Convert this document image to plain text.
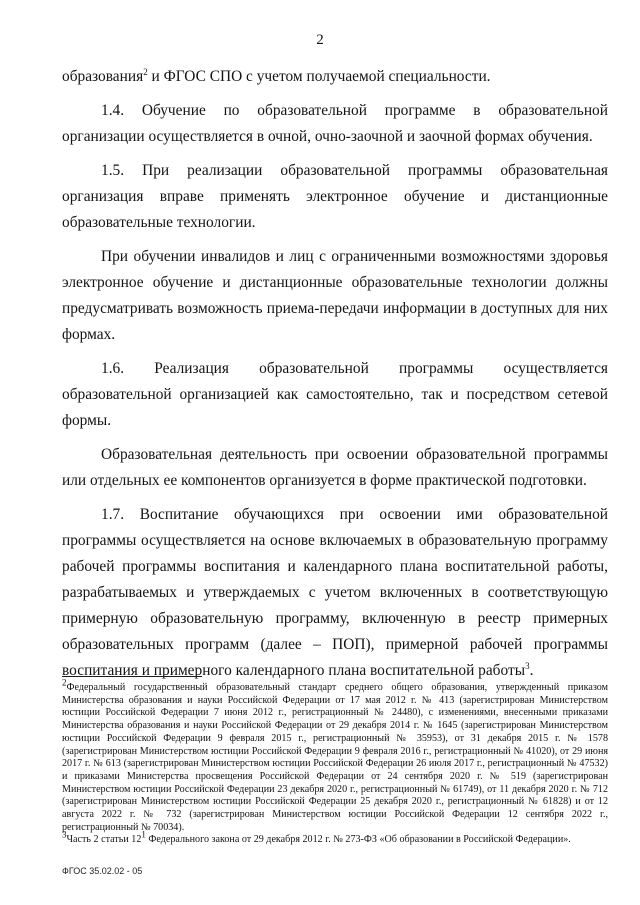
2

образования$^2$ и ФГОС СПО с учетом получаемой специальности.

1.4. Обучение по образовательной программе в образовательной организации осуществляется в очной, очно-заочной и заочной формах обучения.

1.5. При реализации образовательной программы образовательная организация вправе применять электронное обучение и дистанционные образовательные технологии.

При обучении инвалидов и лиц с ограниченными возможностями здоровья электронное обучение и дистанционные образовательные технологии должны предусматривать возможность приема-передачи информации в доступных для них формах.

1.6. Реализация образовательной программы осуществляется образовательной организацией как самостоятельно, так и посредством сетевой формы.

Образовательная деятельность при освоении образовательной программы или отдельных ее компонентов организуется в форме практической подготовки.

1.7. Воспитание обучающихся при освоении ими образовательной программы осуществляется на основе включаемых в образовательную программу рабочей программы воспитания и календарного плана воспитательной работы, разрабатываемых и утверждаемых с учетом включенных в соответствующую примерную образовательную программу, включенную в реестр примерных образовательных программ (далее – ПОП), примерной рабочей программы воспитания и примерного календарного плана воспитательной работы$^3$.

$^2$Федеральный государственный образовательный стандарт среднего общего образования, утвержденный приказом Министерства образования и науки Российской Федерации от 17 мая 2012 г. № 413 (зарегистрирован Министерством юстиции Российской Федерации 7 июня 2012 г., регистрационный № 24480), с изменениями, внесенными приказами Министерства образования и науки Российской Федерации от 29 декабря 2014 г. № 1645 (зарегистрирован Министерством юстиции Российской Федерации 9 февраля 2015 г., регистрационный № 35953), от 31 декабря 2015 г. № 1578 (зарегистрирован Министерством юстиции Российской Федерации 9 февраля 2016 г., регистрационный № 41020), от 29 июня 2017 г. № 613 (зарегистрирован Министерством юстиции Российской Федерации 26 июля 2017 г., регистрационный № 47532) и приказами Министерства просвещения Российской Федерации от 24 сентября 2020 г. № 519 (зарегистрирован Министерством юстиции Российской Федерации 23 декабря 2020 г., регистрационный № 61749), от 11 декабря 2020 г. № 712 (зарегистрирован Министерством юстиции Российской Федерации 25 декабря 2020 г., регистрационный № 61828) и от 12 августа 2022 г. № 732 (зарегистрирован Министерством юстиции Российской Федерации 12 сентября 2022 г., регистрационный № 70034).

$^3$Часть 2 статьи $12^1$ Федерального закона от 29 декабря 2012 г. № 273-ФЗ «Об образовании в Российской Федерации».

ФГОС 35.02.02 - 05
